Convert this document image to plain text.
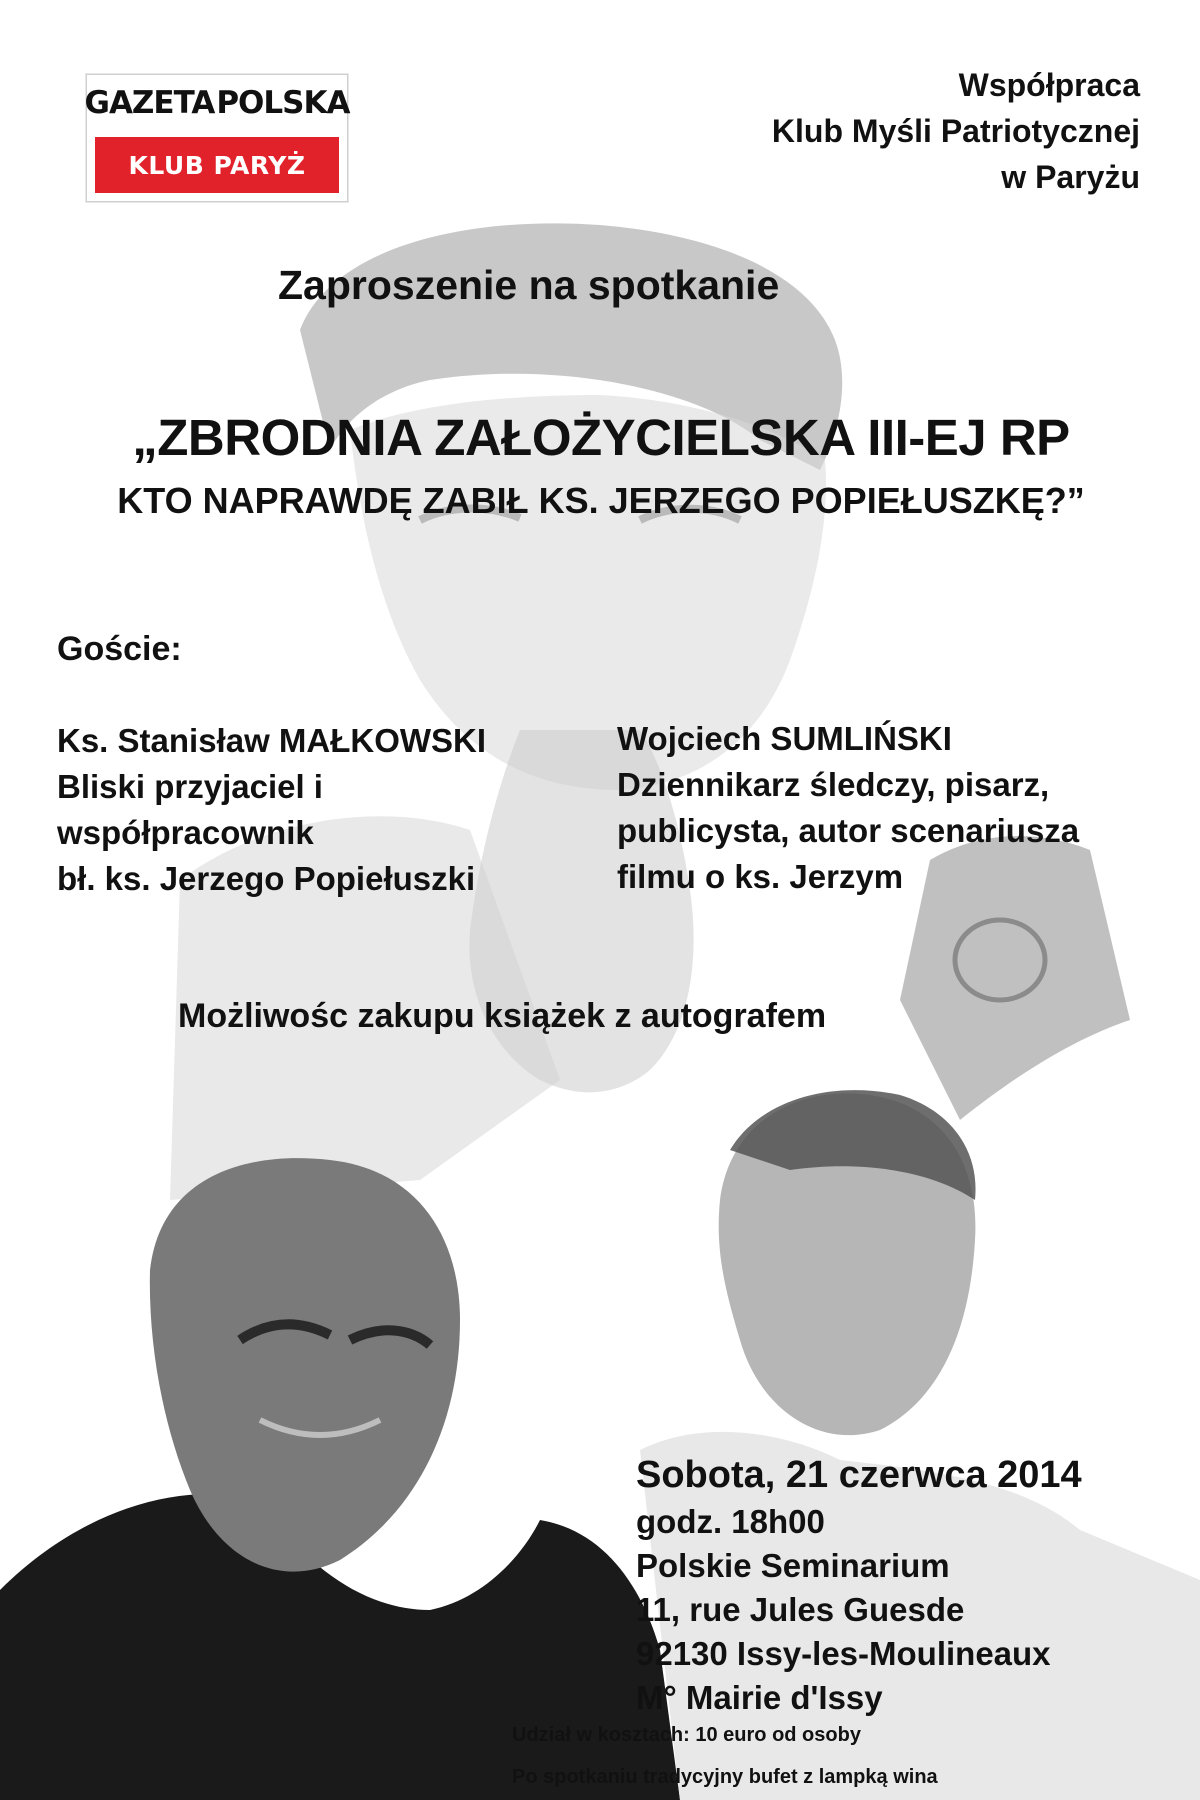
GAZETA POLSKA
KLUB PARYŻ
Współpraca
Klub Myśli Patriotycznej
w Paryżu
Zaproszenie na spotkanie
„ZBRODNIA ZAŁOŻYCIELSKA III-EJ RP
KTO NAPRAWDĘ ZABIŁ KS. JERZEGO POPIEŁUSZKĘ?”
Goście:
Ks. Stanisław MAŁKOWSKI
Bliski przyjaciel i
współpracownik
bł. ks. Jerzego Popiełuszki
Wojciech SUMLIŃSKI
Dziennikarz śledczy, pisarz,
publicysta, autor scenariusza
filmu o ks. Jerzym
Możliwośc zakupu książek z autografem
Sobota, 21 czerwca 2014
godz. 18h00
Polskie Seminarium
11, rue Jules Guesde
92130 Issy-les-Moulineaux
M° Mairie d'Issy
Udział w kosztach: 10 euro od osoby
Po spotkaniu tradycyjny bufet z lampką wina
